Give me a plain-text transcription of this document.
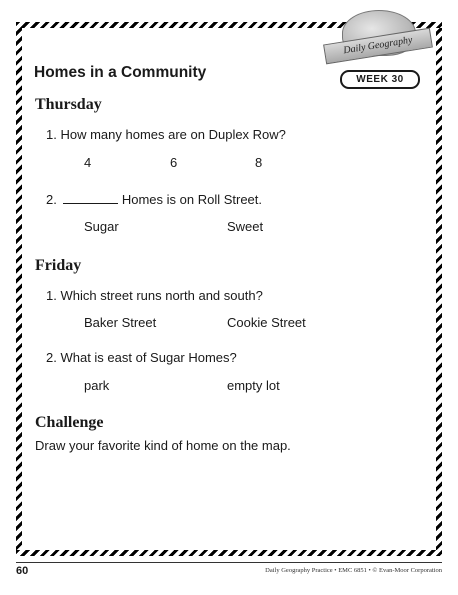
Daily Geography
WEEK 30
Homes in a Community
Thursday
1. How many homes are on Duplex Row?
4	6	8
2.	Homes is on Roll Street.
Sugar	Sweet
Friday
1. Which street runs north and south?
Baker Street	Cookie Street
2. What is east of Sugar Homes?
park	empty lot
Challenge
Draw your favorite kind of home on the map.
60	Daily Geography Practice • EMC 6851 • © Evan-Moor Corporation
